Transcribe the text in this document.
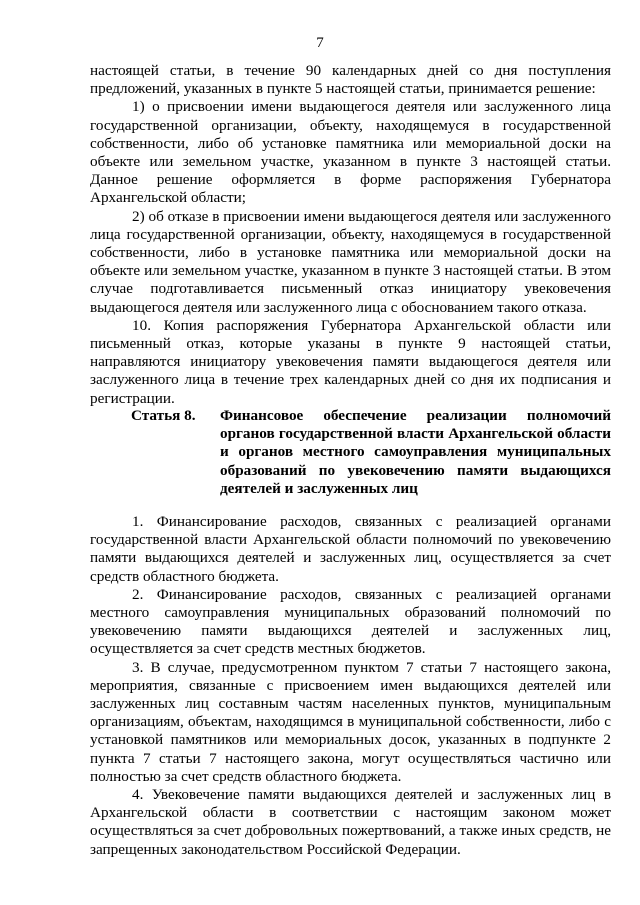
7

настоящей статьи, в течение 90 календарных дней со дня поступления предложений, указанных в пункте 5 настоящей статьи, принимается решение:

1) о присвоении имени выдающегося деятеля или заслуженного лица государственной организации, объекту, находящемуся в государственной собственности, либо об установке памятника или мемориальной доски на объекте или земельном участке, указанном в пункте 3 настоящей статьи. Данное решение оформляется в форме распоряжения Губернатора Архангельской области;

2) об отказе в присвоении имени выдающегося деятеля или заслуженного лица государственной организации, объекту, находящемуся в государственной собственности, либо в установке памятника или мемориальной доски на объекте или земельном участке, указанном в пункте 3 настоящей статьи. В этом случае подготавливается письменный отказ инициатору увековечения выдающегося деятеля или заслуженного лица с обоснованием такого отказа.

10. Копия распоряжения Губернатора Архангельской области или письменный отказ, которые указаны в пункте 9 настоящей статьи, направляются инициатору увековечения памяти выдающегося деятеля или заслуженного лица в течение трех календарных дней со дня их подписания и регистрации.

Статья 8.	Финансовое обеспечение реализации полномочий
органов государственной власти Архангельской области
и органов местного самоуправления муниципальных
образований по увековечению памяти выдающихся
деятелей и заслуженных лиц

1. Финансирование расходов, связанных с реализацией органами государственной власти Архангельской области полномочий по увековечению памяти выдающихся деятелей и заслуженных лиц, осуществляется за счет средств областного бюджета.

2. Финансирование расходов, связанных с реализацией органами местного самоуправления муниципальных образований полномочий по увековечению памяти выдающихся деятелей и заслуженных лиц, осуществляется за счет средств местных бюджетов.

3. В случае, предусмотренном пунктом 7 статьи 7 настоящего закона, мероприятия, связанные с присвоением имен выдающихся деятелей или заслуженных лиц составным частям населенных пунктов, муниципальным организациям, объектам, находящимся в муниципальной собственности, либо с установкой памятников или мемориальных досок, указанных в подпункте 2 пункта 7 статьи 7 настоящего закона, могут осуществляться частично или полностью за счет средств областного бюджета.

4. Увековечение памяти выдающихся деятелей и заслуженных лиц в Архангельской области в соответствии с настоящим законом может осуществляться за счет добровольных пожертвований, а также иных средств, не запрещенных законодательством Российской Федерации.
